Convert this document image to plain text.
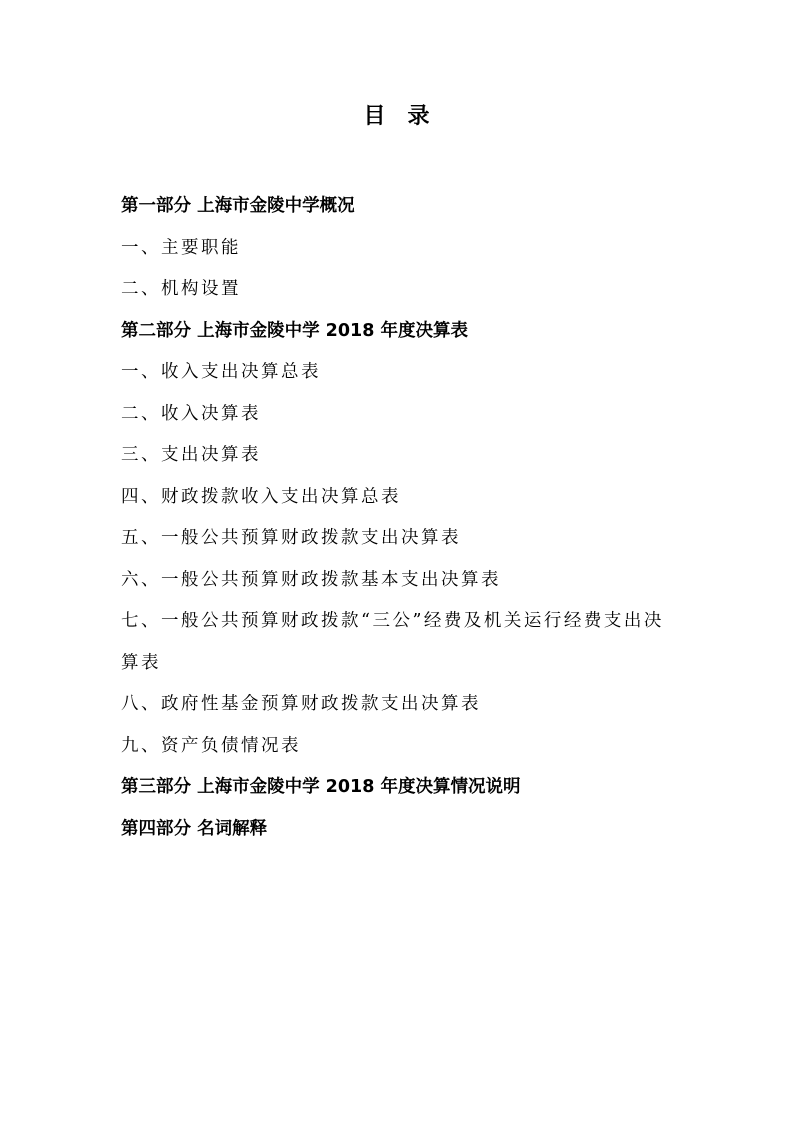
目　录
第一部分 上海市金陵中学概况
一、主要职能
二、机构设置
第二部分 上海市金陵中学 2018 年度决算表
一、收入支出决算总表
二、收入决算表
三、支出决算表
四、财政拨款收入支出决算总表
五、一般公共预算财政拨款支出决算表
六、一般公共预算财政拨款基本支出决算表
七、一般公共预算财政拨款“三公”经费及机关运行经费支出决算表
八、政府性基金预算财政拨款支出决算表
九、资产负债情况表
第三部分 上海市金陵中学 2018 年度决算情况说明
第四部分 名词解释
